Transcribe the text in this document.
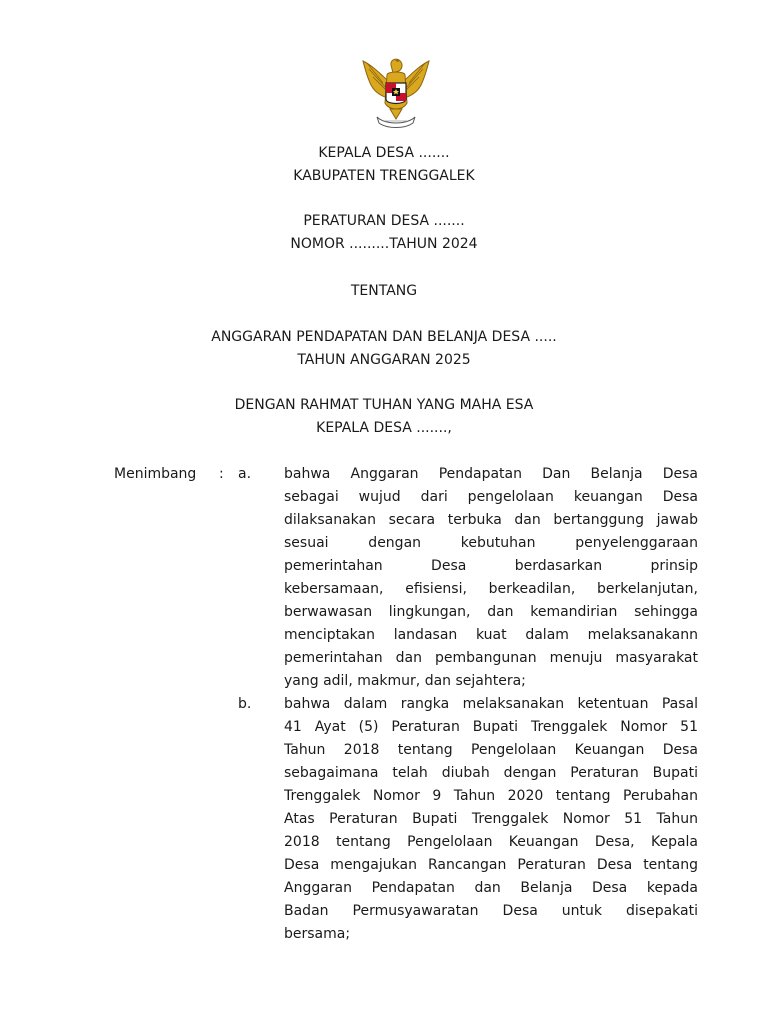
KEPALA DESA .......
KABUPATEN TRENGGALEK
PERATURAN DESA .......
NOMOR .........TAHUN 2024
TENTANG
ANGGARAN PENDAPATAN DAN BELANJA DESA .....
TAHUN ANGGARAN 2025
DENGAN RAHMAT TUHAN YANG MAHA ESA
KEPALA DESA .......,
Menimbang	:	a.	bahwa Anggaran Pendapatan Dan Belanja Desa
sebagai wujud dari pengelolaan keuangan Desa
dilaksanakan secara terbuka dan bertanggung jawab
sesuai dengan kebutuhan penyelenggaraan
pemerintahan Desa berdasarkan prinsip
kebersamaan, efisiensi, berkeadilan, berkelanjutan,
berwawasan lingkungan, dan kemandirian sehingga
menciptakan landasan kuat dalam melaksanakann
pemerintahan dan pembangunan menuju masyarakat
yang adil, makmur, dan sejahtera;
b.	bahwa dalam rangka melaksanakan ketentuan Pasal
41 Ayat (5) Peraturan Bupati Trenggalek Nomor 51
Tahun 2018 tentang Pengelolaan Keuangan Desa
sebagaimana telah diubah dengan Peraturan Bupati
Trenggalek Nomor 9 Tahun 2020 tentang Perubahan
Atas Peraturan Bupati Trenggalek Nomor 51 Tahun
2018 tentang Pengelolaan Keuangan Desa, Kepala
Desa mengajukan Rancangan Peraturan Desa tentang
Anggaran Pendapatan dan Belanja Desa kepada
Badan Permusyawaratan Desa untuk disepakati
bersama;
